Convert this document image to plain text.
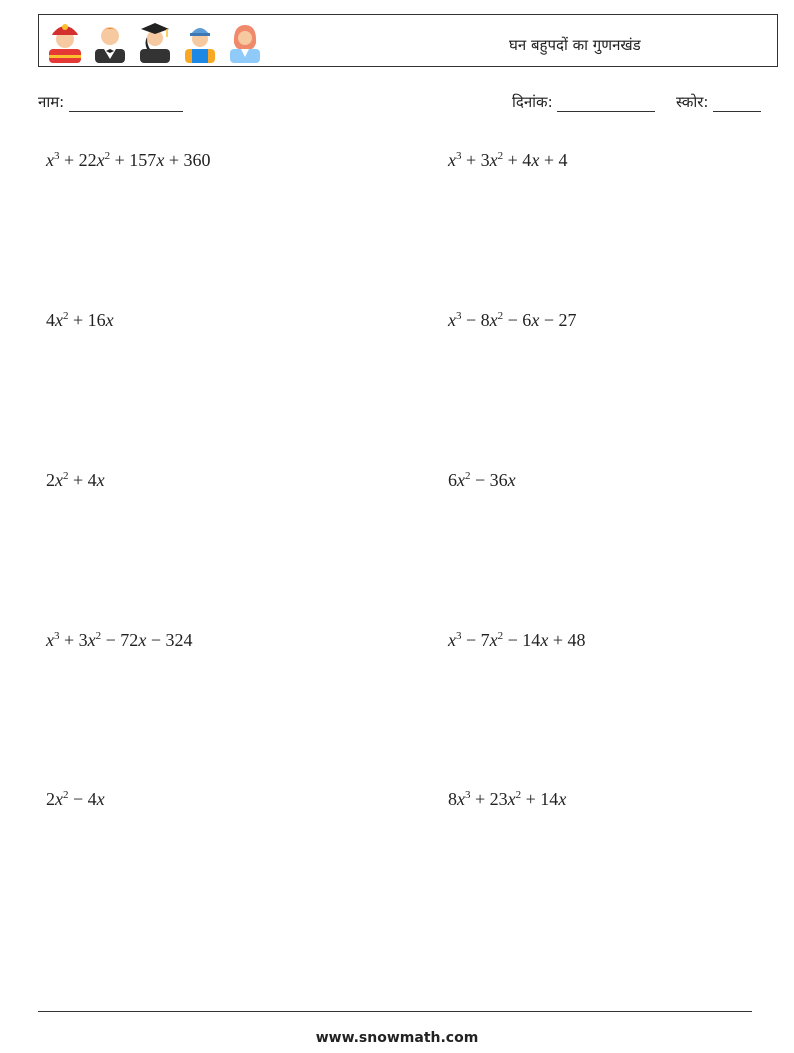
घन बहुपदों का गुणनखंड
नाम:	दिनांक:	स्कोर:
$x^3 + 22x^2 + 157x + 360$	$x^3 + 3x^2 + 4x + 4$
$4x^2 + 16x$	$x^3 - 8x^2 - 6x - 27$
$2x^2 + 4x$	$6x^2 - 36x$
$x^3 + 3x^2 - 72x - 324$	$x^3 - 7x^2 - 14x + 48$
$2x^2 - 4x$	$8x^3 + 23x^2 + 14x$
www.snowmath.com
